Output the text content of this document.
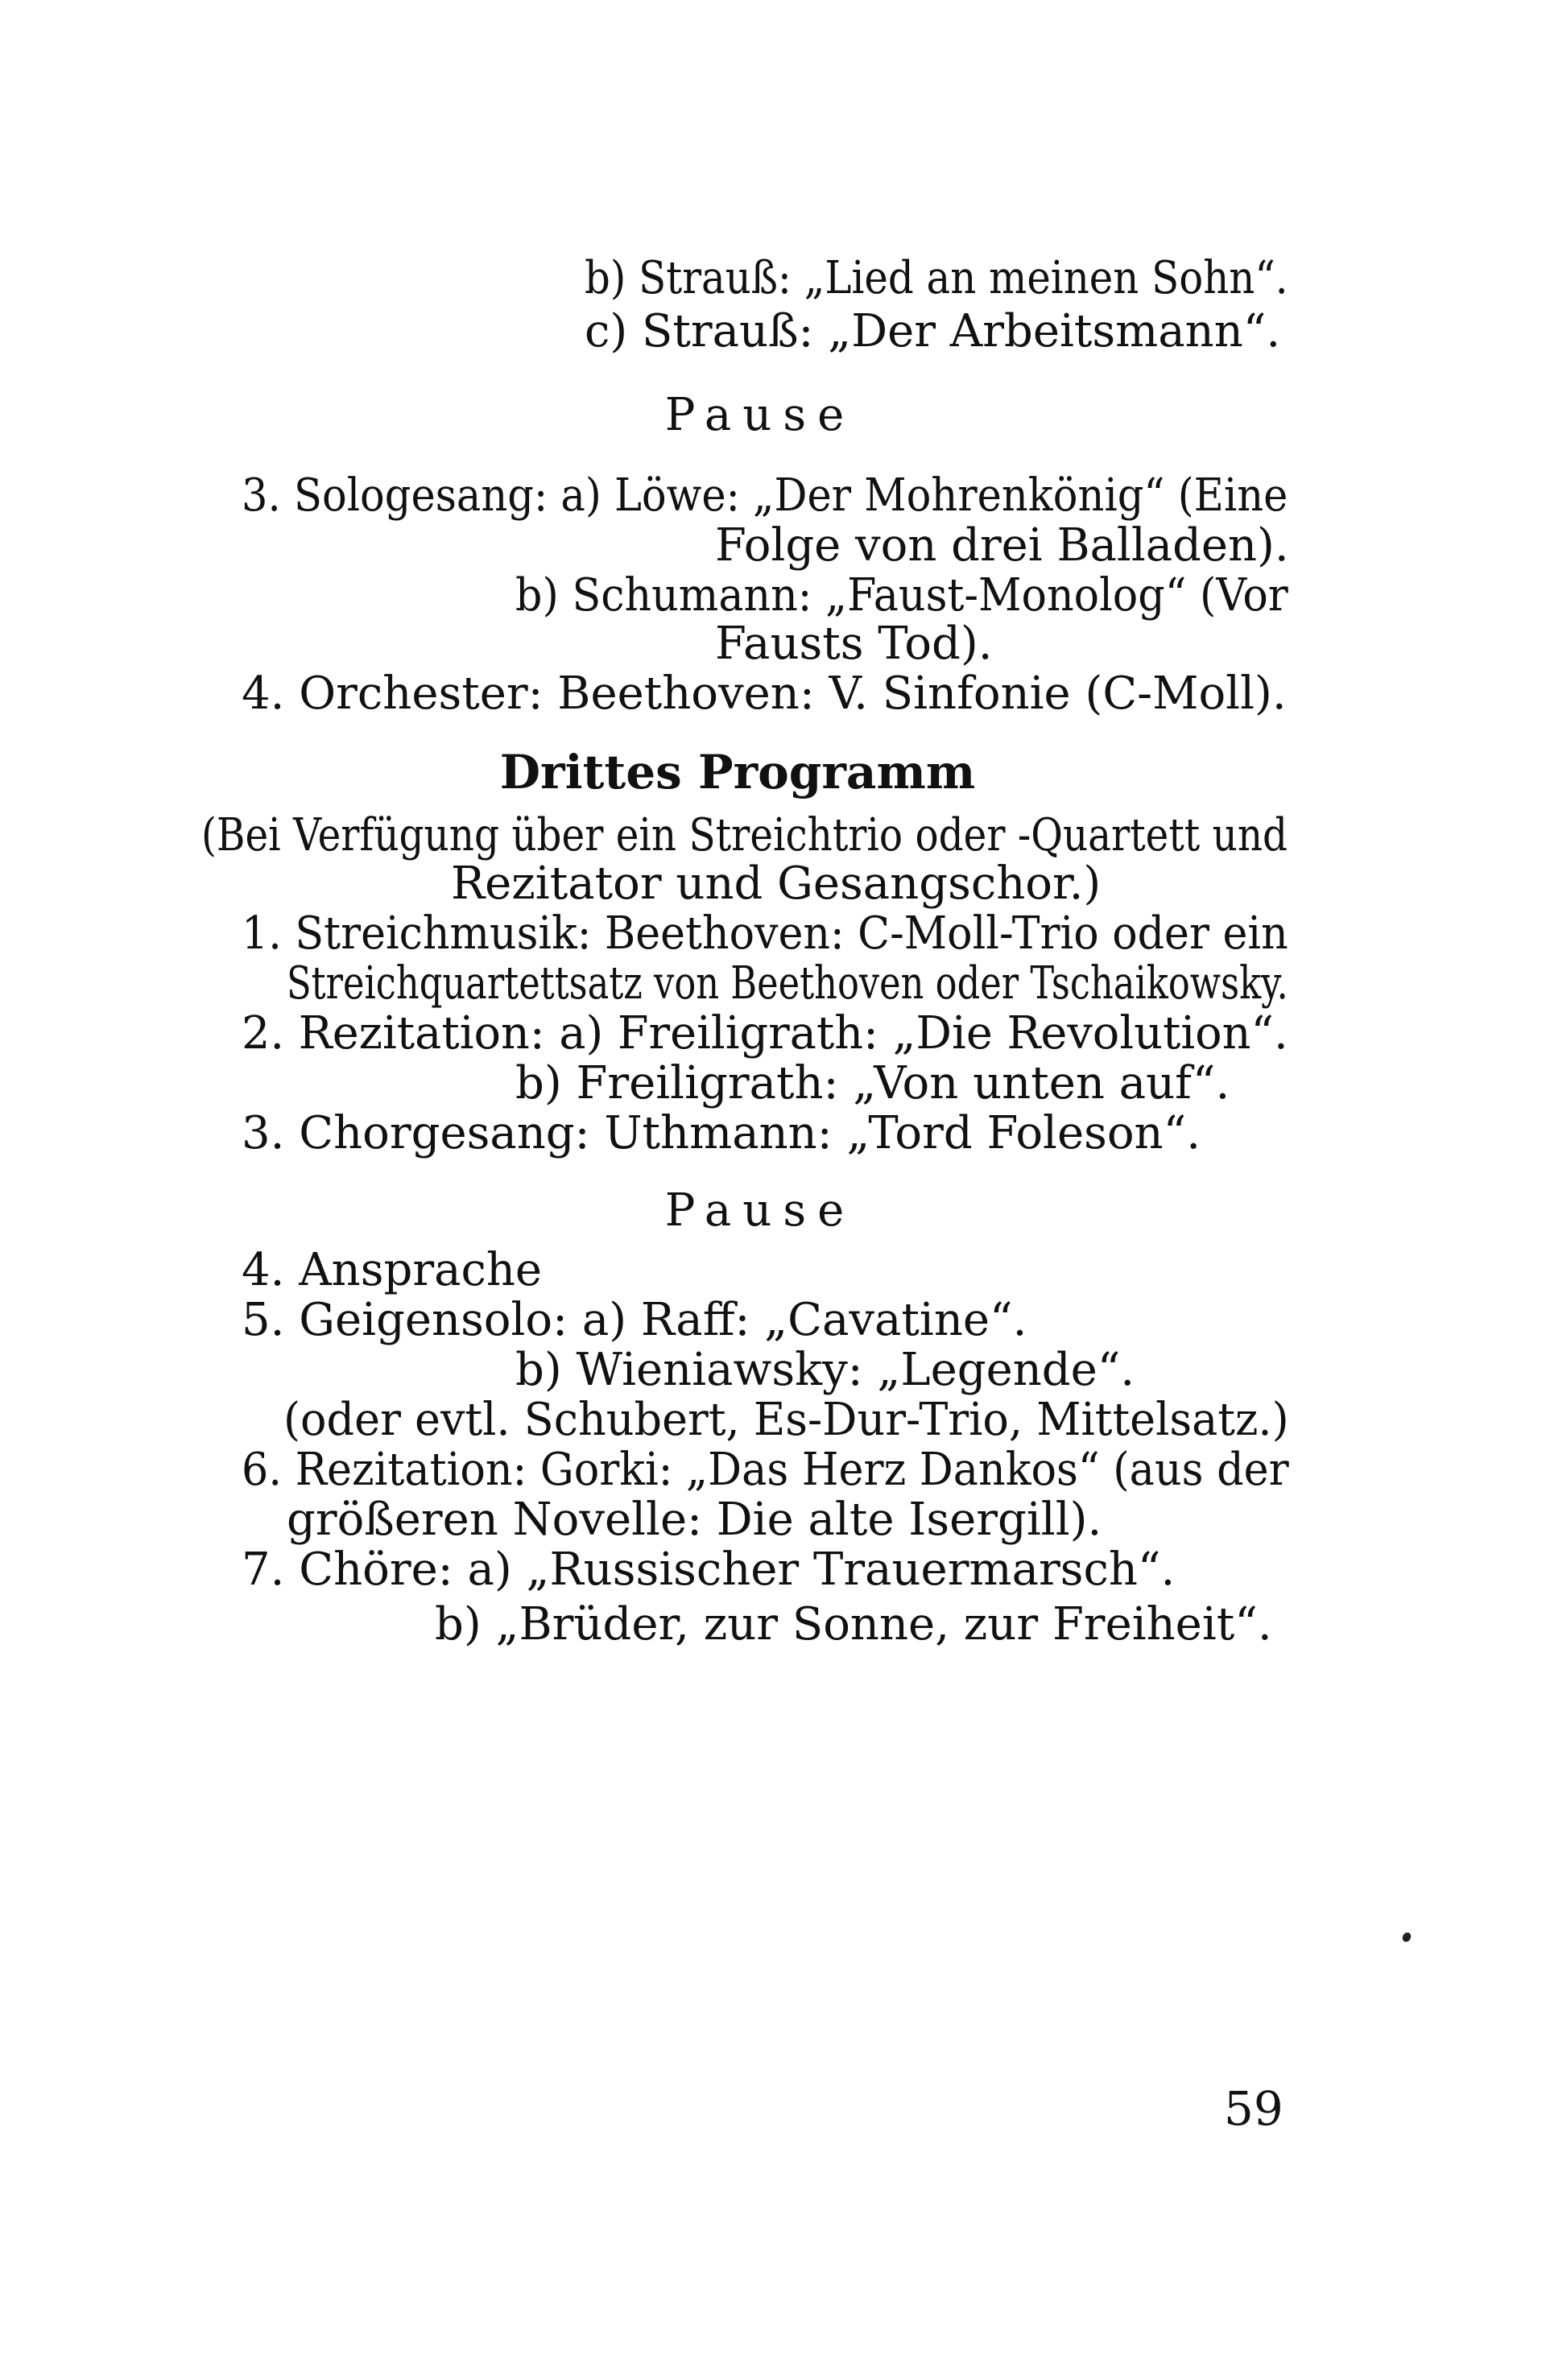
b) Strauß: „Lied an meinen Sohn“.
c) Strauß: „Der Arbeitsmann“.
Pause
3. Sologesang: a) Löwe: „Der Mohrenkönig“ (Eine
Folge von drei Balladen).
b) Schumann: „Faust-Monolog“ (Vor
Fausts Tod).
4. Orchester: Beethoven: V. Sinfonie (C-Moll).
Drittes Programm
(Bei Verfügung über ein Streichtrio oder -Quartett und
Rezitator und Gesangschor.)
1. Streichmusik: Beethoven: C-Moll-Trio oder ein
Streichquartettsatz von Beethoven oder Tschaikowsky.
2. Rezitation: a) Freiligrath: „Die Revolution“.
b) Freiligrath: „Von unten auf“.
3. Chorgesang: Uthmann: „Tord Foleson“.
Pause
4. Ansprache
5. Geigensolo: a) Raff: „Cavatine“.
b) Wieniawsky: „Legende“.
(oder evtl. Schubert, Es-Dur-Trio, Mittelsatz.)
6. Rezitation: Gorki: „Das Herz Dankos“ (aus der
größeren Novelle: Die alte Isergill).
7. Chöre: a) „Russischer Trauermarsch“.
b) „Brüder, zur Sonne, zur Freiheit“.
59
